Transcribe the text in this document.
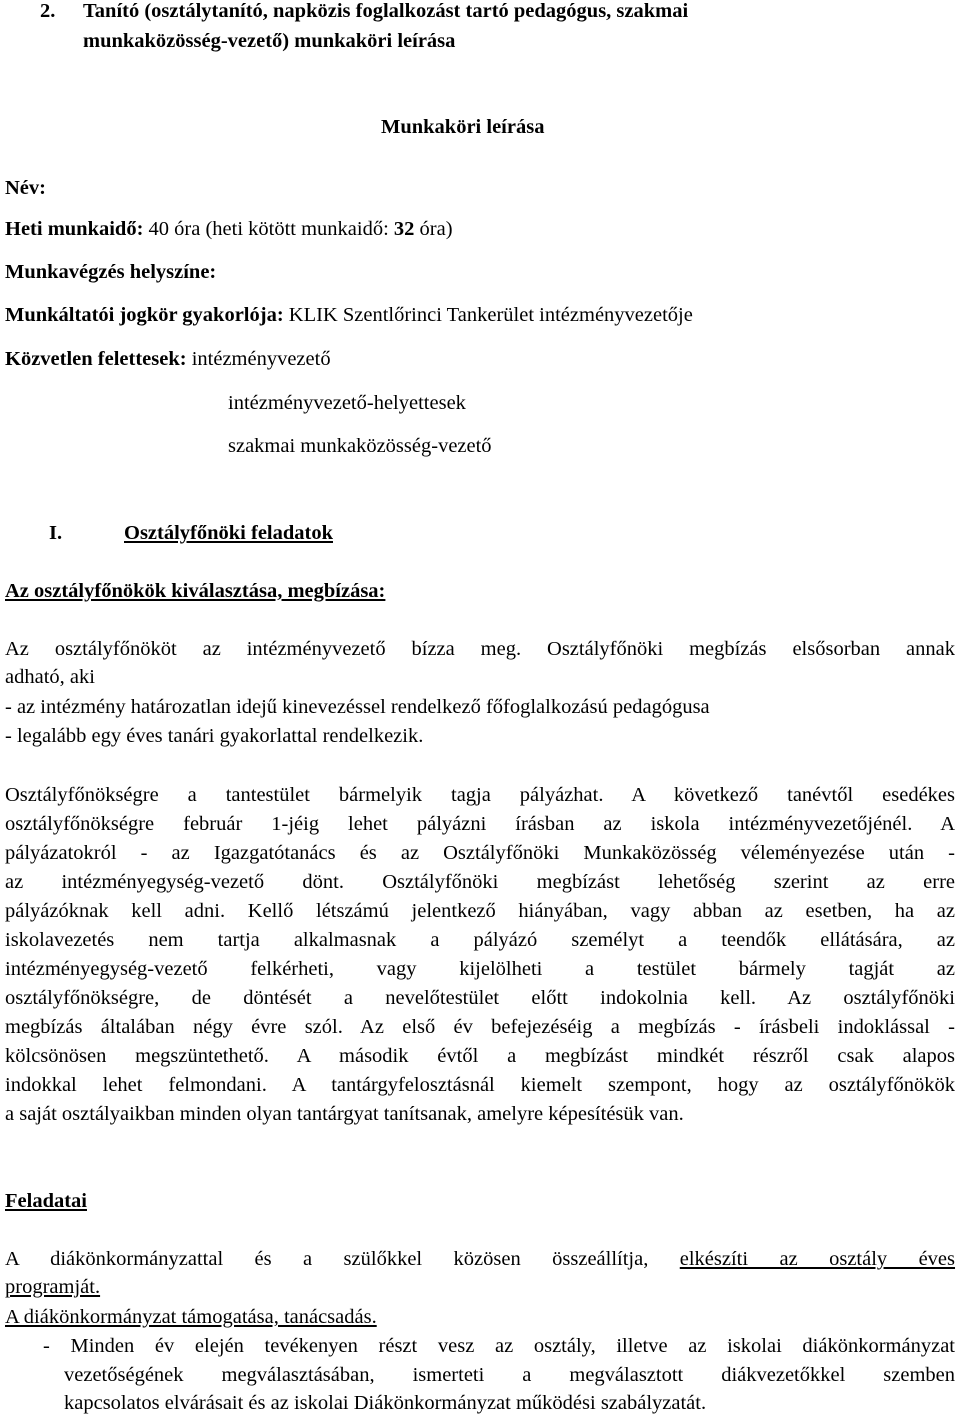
2. Tanító (osztálytanító, napközis foglalkozást tartó pedagógus, szakmai
munkaközösség-vezető) munkaköri leírása
Munkaköri leírása
Név:
Heti munkaidő: 40 óra (heti kötött munkaidő: 32 óra)
Munkavégzés helyszíne:
Munkáltatói jogkör gyakorlója: KLIK Szentlőrinci Tankerület intézményvezetője
Közvetlen felettesek: intézményvezető
intézményvezető-helyettesek
szakmai munkaközösség-vezető
I.	Osztályfőnöki feladatok
Az osztályfőnökök kiválasztása, megbízása:
Az osztályfőnököt az intézményvezető bízza meg. Osztályfőnöki megbízás elsősorban annak
adható, aki
- az intézmény határozatlan idejű kinevezéssel rendelkező főfoglalkozású pedagógusa
- legalább egy éves tanári gyakorlattal rendelkezik.
Osztályfőnökségre a tantestület bármelyik tagja pályázhat. A következő tanévtől esedékes
osztályfőnökségre február 1-jéig lehet pályázni írásban az iskola intézményvezetőjénél. A
pályázatokról - az Igazgatótanács és az Osztályfőnöki Munkaközösség véleményezése után -
az intézményegység-vezető dönt. Osztályfőnöki megbízást lehetőség szerint az erre
pályázóknak kell adni. Kellő létszámú jelentkező hiányában, vagy abban az esetben, ha az
iskolavezetés nem tartja alkalmasnak a pályázó személyt a teendők ellátására, az
intézményegység-vezető felkérheti, vagy kijelölheti a testület bármely tagját az
osztályfőnökségre, de döntését a nevelőtestület előtt indokolnia kell. Az osztályfőnöki
megbízás általában négy évre szól. Az első év befejezéséig a megbízás - írásbeli indoklással -
kölcsönösen megszüntethető. A második évtől a megbízást mindkét részről csak alapos
indokkal lehet felmondani. A tantárgyfelosztásnál kiemelt szempont, hogy az osztályfőnökök
a saját osztályaikban minden olyan tantárgyat tanítsanak, amelyre képesítésük van.
Feladatai
A diákönkormányzattal és a szülőkkel közösen összeállítja, elkészíti az osztály éves
programját.
A diákönkormányzat támogatása, tanácsadás.
- Minden év elején tevékenyen részt vesz az osztály, illetve az iskolai diákönkormányzat
vezetőségének megválasztásában, ismerteti a megválasztott diákvezetőkkel szemben
kapcsolatos elvárásait és az iskolai Diákönkormányzat működési szabályzatát.
